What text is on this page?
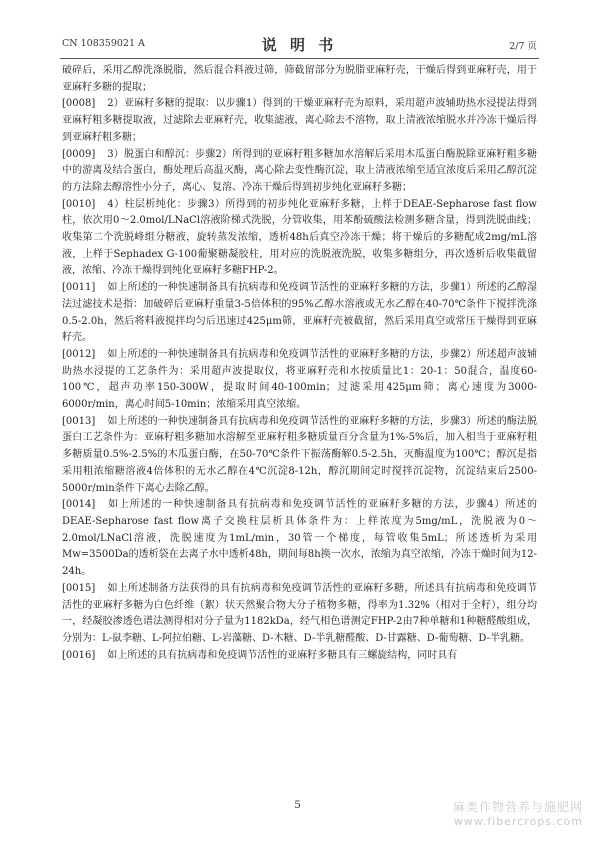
CN 108359021 A	说 明 书	2/7 页

破碎后，采用乙醇洗涤脱脂，然后混合料液过筛，筛截留部分为脱脂亚麻籽壳，干燥后得到亚麻籽壳，用于亚麻籽多糖的提取；

[0008] 2）亚麻籽多糖的提取：以步骤1）得到的干燥亚麻籽壳为原料，采用超声波辅助热水浸提法得到亚麻籽粗多糖提取液，过滤除去亚麻籽壳，收集滤液，离心除去不溶物，取上清液浓缩脱水并冷冻干燥后得到亚麻籽粗多糖；

[0009] 3）脱蛋白和醇沉：步骤2）所得到的亚麻籽粗多糖加水溶解后采用木瓜蛋白酶脱除亚麻籽粗多糖中的游离及结合蛋白，酶处理后高温灭酶，离心除去变性酶沉淀，取上清液浓缩至适宜浓度后采用乙醇沉淀的方法除去醇溶性小分子，离心、复溶、冷冻干燥后得到初步纯化亚麻籽多糖；

[0010] 4）柱层析纯化：步骤3）所得到的初步纯化亚麻籽多糖，上样于DEAE-Sepharose fast flow柱，依次用0～2.0mol/LNaCl溶液阶梯式洗脱，分管收集，用苯酚硫酸法检测多糖含量，得到洗脱曲线；收集第二个洗脱峰组分糖液，旋转蒸发浓缩，透析48h后真空冷冻干燥；将干燥后的多糖配成2mg/mL溶液，上样于Sephadex G-100葡聚糖凝胶柱，用对应的洗脱液洗脱，收集多糖组分，再次透析后收集截留液，浓缩、冷冻干燥得到纯化亚麻籽多糖FHP-2。

[0011] 如上所述的一种快速制备具有抗病毒和免疫调节活性的亚麻籽多糖的方法，步骤1）所述的乙醇湿法过滤技术是指：加破碎后亚麻籽重量3-5倍体积的95%乙醇水溶液或无水乙醇在40-70℃条件下搅拌洗涤0.5-2.0h，然后将料液搅拌均匀后迅速过425μm筛，亚麻籽壳被截留，然后采用真空或常压干燥得到亚麻籽壳。

[0012] 如上所述的一种快速制备具有抗病毒和免疫调节活性的亚麻籽多糖的方法，步骤2）所述超声波辅助热水浸提的工艺条件为：采用超声波提取仪，将亚麻籽壳和水按质量比1：20-1：50混合，温度60-100℃，超声功率150-300W，提取时间40-100min；过滤采用425μm筛；离心速度为3000-6000r/min，离心时间5-10min；浓缩采用真空浓缩。

[0013] 如上所述的一种快速制备具有抗病毒和免疫调节活性的亚麻籽多糖的方法，步骤3）所述的酶法脱蛋白工艺条件为：亚麻籽粗多糖加水溶解至亚麻籽粗多糖质量百分含量为1%-5%后，加入相当于亚麻籽粗多糖质量0.5%-2.5%的木瓜蛋白酶，在50-70℃条件下振荡酶解0.5-2.5h，灭酶温度为100℃；醇沉是指采用粗浓缩糖溶液4倍体积的无水乙醇在4℃沉淀8-12h，醇沉期间定时搅拌沉淀物，沉淀结束后2500-5000r/min条件下离心去除乙醇。

[0014] 如上所述的一种快速制备具有抗病毒和免疫调节活性的亚麻籽多糖的方法，步骤4）所述的DEAE-Sepharose fast flow离子交换柱层析具体条件为：上样浓度为5mg/mL，洗脱液为0～2.0mol/LNaCl溶液，洗脱速度为1mL/min，30管一个梯度，每管收集5mL；所述透析为采用Mw=3500Da的透析袋在去离子水中透析48h，期间每8h换一次水，浓缩为真空浓缩，冷冻干燥时间为12-24h。

[0015] 如上所述制备方法获得的具有抗病毒和免疫调节活性的亚麻籽多糖，所述具有抗病毒和免疫调节活性的亚麻籽多糖为白色纤维（絮）状天然聚合物大分子植物多糖，得率为1.32%（相对于全籽），组分均一，经凝胶渗透色谱法测得相对分子量为1182kDa，经气相色谱测定FHP-2由7种单糖和1种糖醛酸组成，分别为：L-鼠李糖、L-阿拉伯糖、L-岩藻糖、D-木糖、D-半乳糖醛酸、D-甘露糖、D-葡萄糖、D-半乳糖。

[0016] 如上所述的具有抗病毒和免疫调节活性的亚麻籽多糖具有三螺旋结构，同时具有

5	麻类作物营养与施肥网
www.fibercrops.com
